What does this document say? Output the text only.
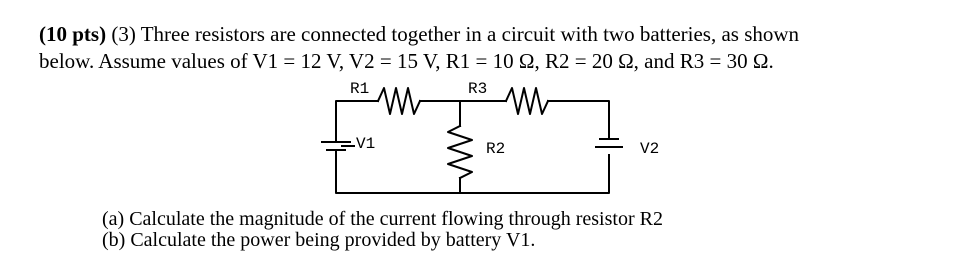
(10 pts) (3) Three resistors are connected together in a circuit with two batteries, as shown

below. Assume values of V1 = 12 V, V2 = 15 V, R1 = 10 Ω, R2 = 20 Ω, and R3 = 30 Ω.

R1	R3
V1	R2	V2

(a) Calculate the magnitude of the current flowing through resistor R2

(b) Calculate the power being provided by battery V1.
